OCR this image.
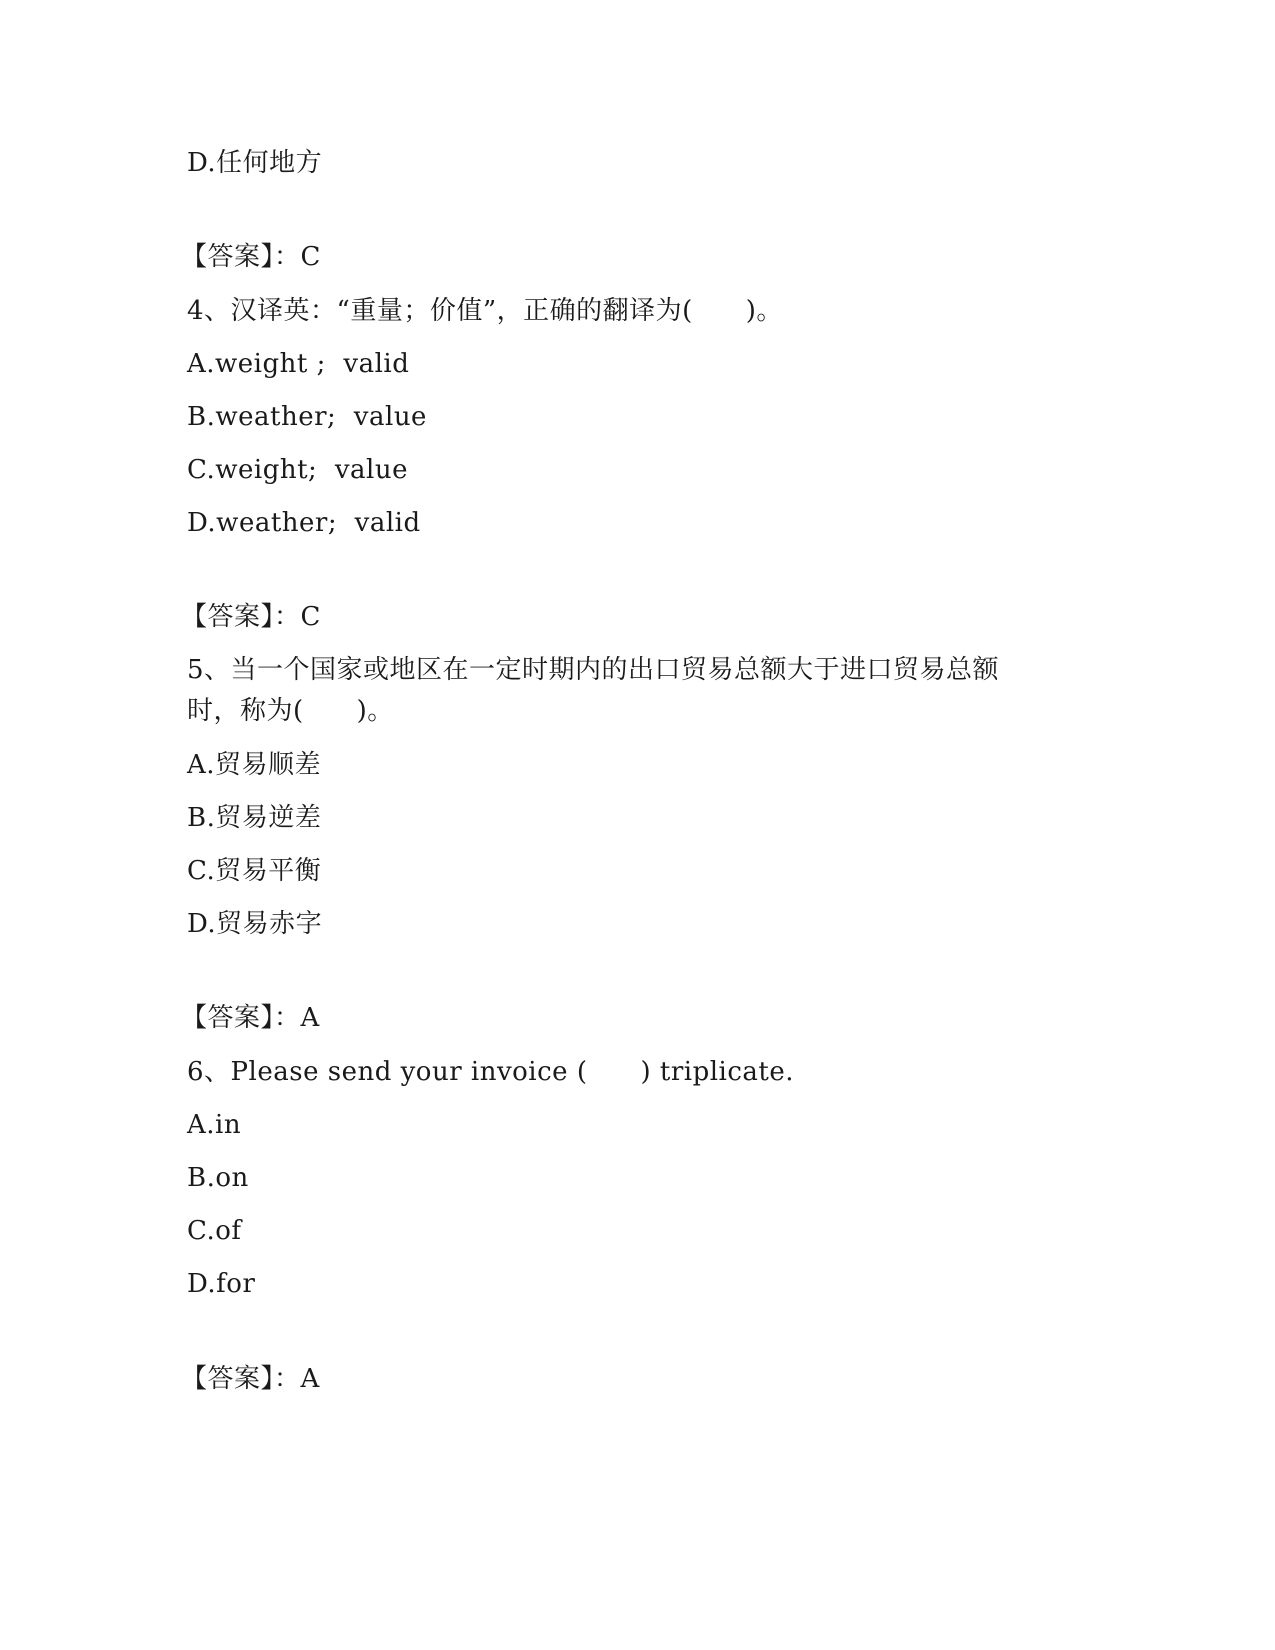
D.任何地方
【答案】：C
4、汉译英：“重量；价值”，正确的翻译为(　　)。
A.weight ;  valid
B.weather;  value
C.weight;  value
D.weather;  valid
【答案】：C
5、当一个国家或地区在一定时期内的出口贸易总额大于进口贸易总额
时，称为(　　)。
A.贸易顺差
B.贸易逆差
C.贸易平衡
D.贸易赤字
【答案】：A
6、Please send your invoice (　　) triplicate.
A.in
B.on
C.of
D.for
【答案】：A
